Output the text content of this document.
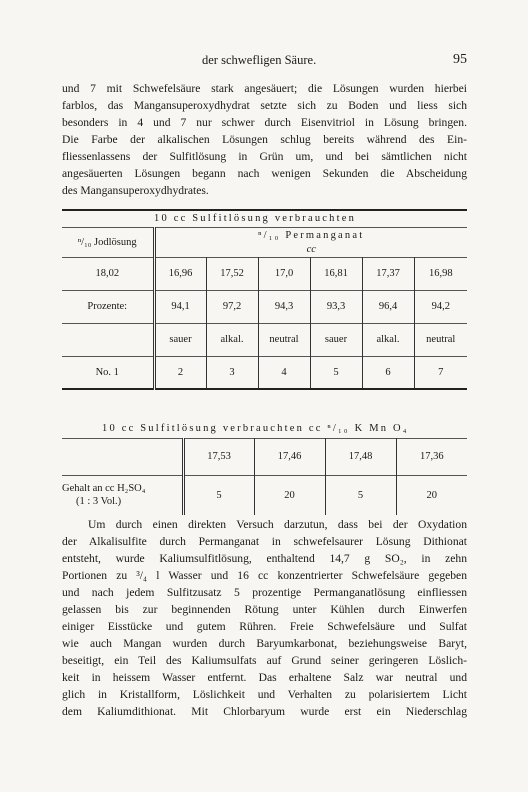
der schwefligen Säure.	95
und 7 mit Schwefelsäure stark angesäuert; die Lösungen wurden hierbei
farblos, das Mangansuperoxydhydrat setzte sich zu Boden und liess sich
besonders in 4 und 7 nur schwer durch Eisenvitriol in Lösung bringen.
Die Farbe der alkalischen Lösungen schlug bereits während des Ein-
fliessenlassens der Sulfitlösung in Grün um, und bei sämtlichen nicht
angesäuerten Lösungen begann nach wenigen Sekunden die Abscheidung
des Mangansuperoxydhydrates.
	10 cc Sulfitlösung verbrauchten					
ⁿ/₁₀ Jodlösung	ⁿ/₁₀ Permanganat					
	cc					
18,02	16,96	17,52	17,0	16,81	17,37	16,98
Prozente:	94,1	97,2	94,3	93,3	96,4	94,2
	sauer	alkal.	neutral	sauer	alkal.	neutral
No. 1	2	3	4	5	6	7
10 cc Sulfitlösung verbrauchten cc ⁿ/₁₀ K Mn O₄				
	17,53	17,46	17,48	17,36
Gehalt an cc H₂SO₄
(1 : 3 Vol.)	5	20	5	20
Um durch einen direkten Versuch darzutun, dass bei der Oxydation
der Alkalisulfite durch Permanganat in schwefelsaurer Lösung Dithionat
entsteht, wurde Kaliumsulfitlösung, enthaltend 14,7 g SO₂, in zehn
Portionen zu ³/₄ l Wasser und 16 cc konzentrierter Schwefelsäure gegeben
und nach jedem Sulfitzusatz 5 prozentige Permanganatlösung einfliessen
gelassen bis zur beginnenden Rötung unter Kühlen durch Einwerfen
einiger Eisstücke und gutem Rühren. Freie Schwefelsäure und Sulfat
wie auch Mangan wurden durch Baryumkarbonat, beziehungsweise Baryt,
beseitigt, ein Teil des Kaliumsulfats auf Grund seiner geringeren Löslich-
keit in heissem Wasser entfernt. Das erhaltene Salz war neutral und
glich in Kristallform, Löslichkeit und Verhalten zu polarisiertem Licht
dem Kaliumdithionat. Mit Chlorbaryum wurde erst ein Niederschlag
